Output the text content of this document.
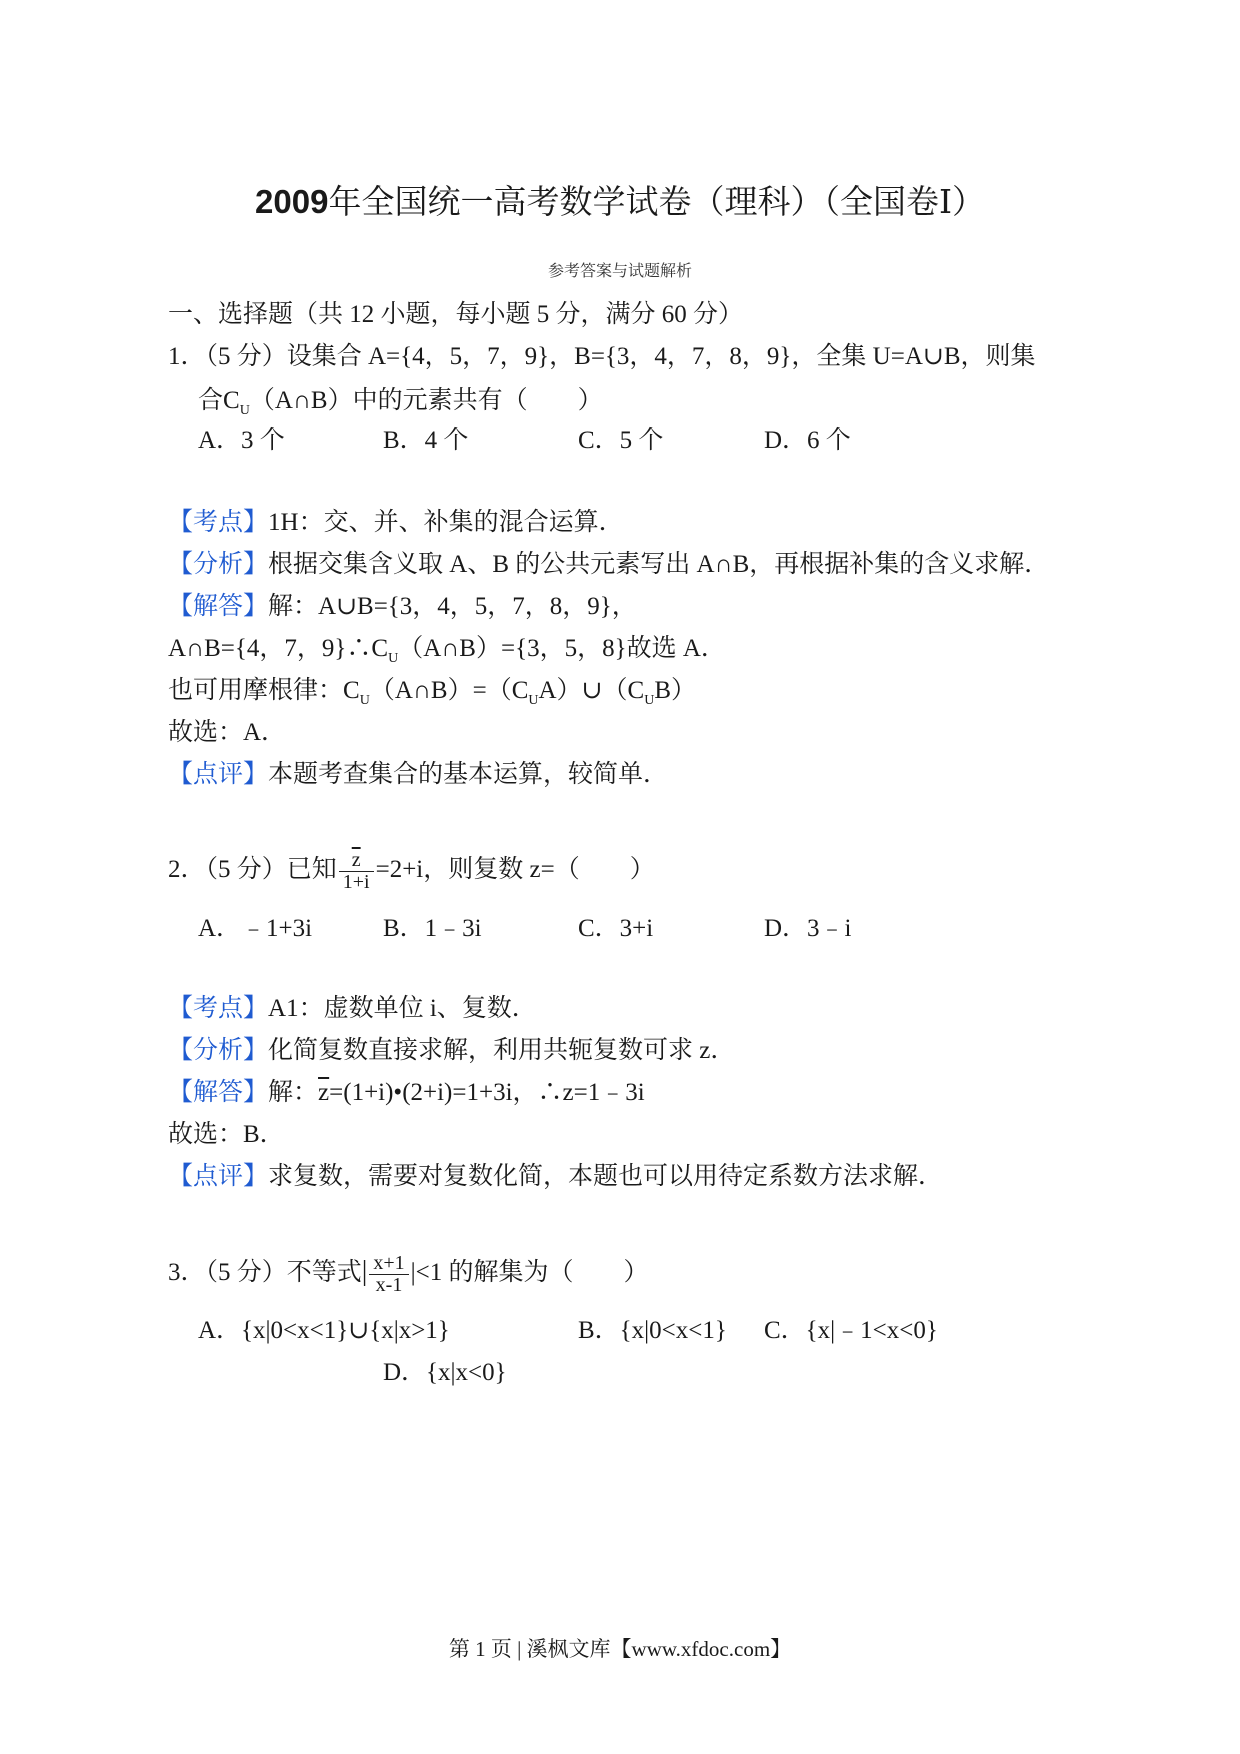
2009年全国统一高考数学试卷（理科）（全国卷Ⅰ）
参考答案与试题解析
一、选择题（共 12 小题，每小题 5 分，满分 60 分）
1．（5 分）设集合 A={4，5，7，9}，B={3，4，7，8，9}，全集 U=A∪B，则集
合$C_U(A\cap B)$中的元素共有（　　）
A．3 个	B．4 个	C．5 个	D．6 个
【考点】1H：交、并、补集的混合运算．
【分析】根据交集含义取 A、B 的公共元素写出 A∩B，再根据补集的含义求解．
【解答】解：A∪B={3，4，5，7，8，9}，
A∩B={4，7，$9\}\therefore C_U(A\cap B)=\{3$，5，8}故选 A．
也可用摩根律：$C_U(A\cap B)=(C_UA)\cup(C_UB)$
故选：A．
【点评】本题考查集合的基本运算，较简单．
2．（5 分）已知 $\frac{\overline{z}}{1+i} =2+i$，则复数 z=（　　）
A．﹣1+3i	B．1﹣3i	C．3+i	D．3﹣i
【考点】A1：虚数单位 i、复数．
【分析】化简复数直接求解，利用共轭复数可求 z．
【解答】解：$\overline{z}=(1+i)•(2+i)=1+3i$，∴z=1﹣3i
故选：B．
【点评】求复数，需要对复数化简，本题也可以用待定系数方法求解．
3．（5 分）不等式| $\frac{x+1}{x-1} |<1$ 的解集为（　　）
A．{x|0<x<1}∪{x|x>1}	B．{x|0<x<1} C．{x|﹣1<x<0}
D．{x|x<0}
第 1 页 | 溪枫文库【www.xfdoc.com】
